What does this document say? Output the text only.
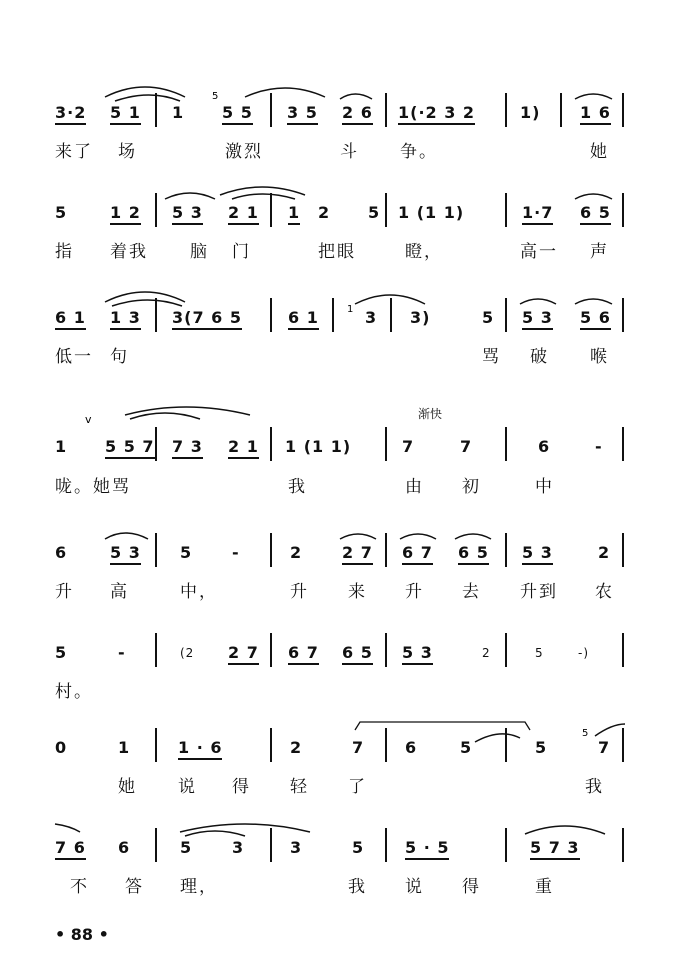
5
3·2 5 1 1 5 5 3 5 2 6 1(·2 3 2	1) 1 6
来了 场	激烈	斗 争。	她
5	1 2 5 3 2 1 1 2 5 1 (1 1)	1·7 6 5
指 着我 脑 门	把眼	瞪，	高一 声
1
6 1 1 3 3(7 6 5	6 1	3 3)	5 5 3 5 6
低一 句	骂 破 喉
v	渐快
1 5 5 7 7 3 2 1 1 (1 1)	7	7	6	-
咙。她骂	我	由 初	中
6	5 3 5 -	2 2 7 6 7 6 5 5 3	2
升 高	中，	升 来 升 去 升到 农
5	-	(2 2 7 6 7 6 5 5 3	2	5	-)
村。
5
0	1	1 · 6	2	7	6	5	5	7
她 说 得 轻 了	我
7 6 6	5 3	3	5	5 · 5	5 7 3
不 答 理，	我 说 得	重
• 88 •
